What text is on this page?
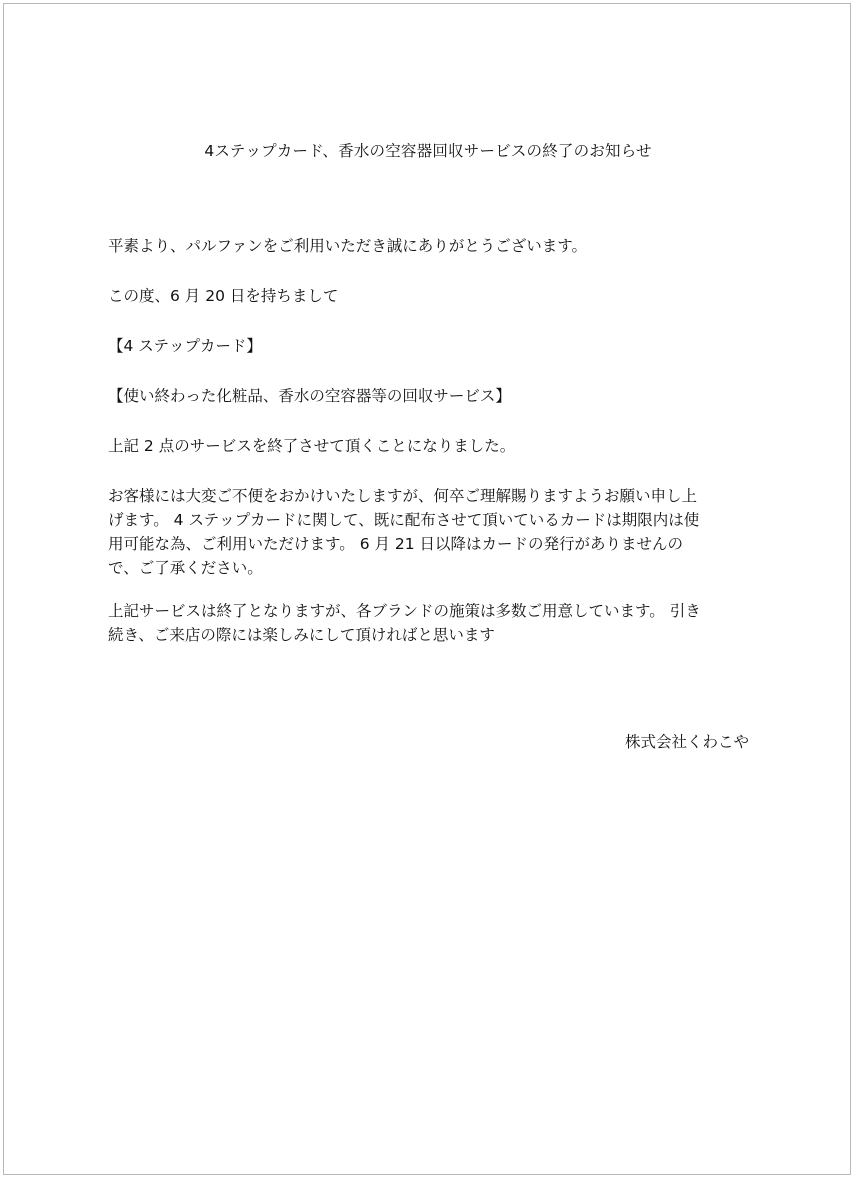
4ステップカード、香水の空容器回収サービスの終了のお知らせ

平素より、パルファンをご利用いただき誠にありがとうございます。

この度、6 月 20 日を持ちまして

【4 ステップカード】

【使い終わった化粧品、香水の空容器等の回収サービス】

上記 2 点のサービスを終了させて頂くことになりました。

お客様には大変ご不便をおかけいたしますが、何卒ご理解賜りますようお願い申し上
げます。 4 ステップカードに関して、既に配布させて頂いているカードは期限内は使
用可能な為、ご利用いただけます。 6 月 21 日以降はカードの発行がありませんの
で、ご了承ください。

上記サービスは終了となりますが、各ブランドの施策は多数ご用意しています。 引き
続き、ご来店の際には楽しみにして頂ければと思います

株式会社くわこや
